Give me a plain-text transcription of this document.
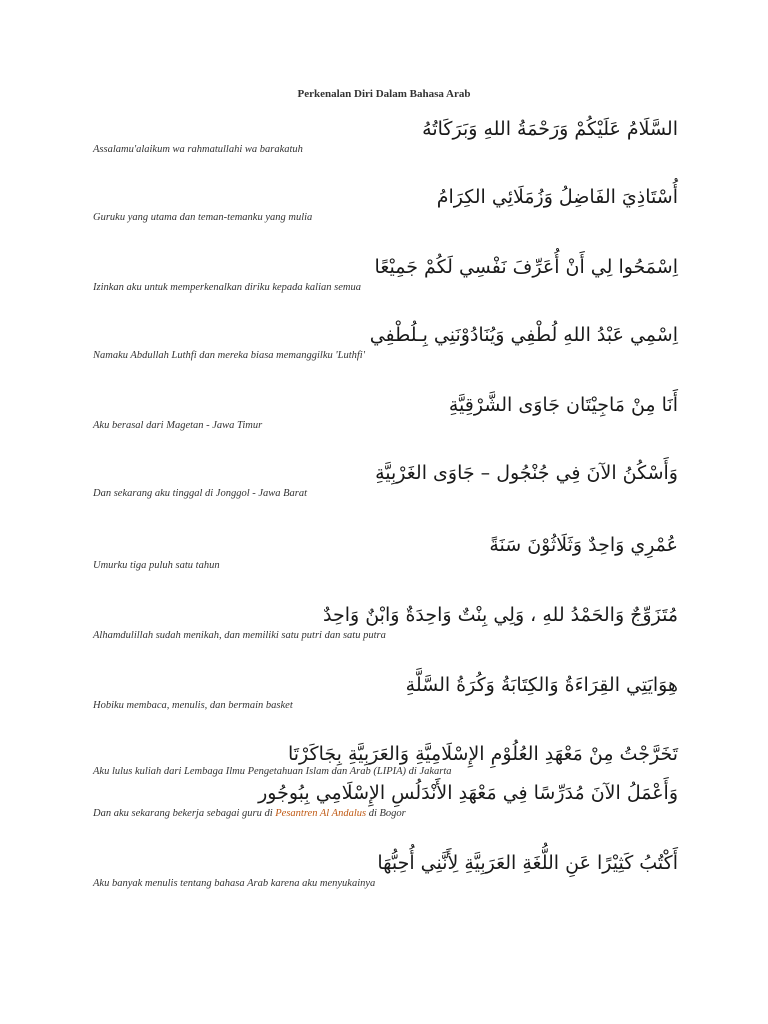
Perkenalan Diri Dalam Bahasa Arab
السَّلَامُ عَلَيْكُمْ وَرَحْمَةُ اللهِ وَبَرَكَاتُهُ
Assalamu'alaikum wa rahmatullahi wa barakatuh
أُسْتَاذِيَ الفَاضِلُ وَزُمَلَائِي الكِرَامُ
Guruku yang utama dan teman-temanku yang mulia
اِسْمَحُوا لِي أَنْ أُعَرِّفَ نَفْسِي لَكُمْ جَمِيْعًا
Izinkan aku untuk memperkenalkan diriku kepada kalian semua
اِسْمِي عَبْدُ اللهِ لُطْفِي وَيُنَادُوْنَنِي بِـلُطْفِي
Namaku Abdullah Luthfi dan mereka biasa memanggilku 'Luthfi'
أَنَا مِنْ مَاجِيْتَان جَاوَى الشَّرْقِيَّةِ
Aku berasal dari Magetan - Jawa Timur
وَأَسْكُنُ الآنَ فِي جُنْجُول – جَاوَى الغَرْبِيَّةِ
Dan sekarang aku tinggal di Jonggol - Jawa Barat
عُمْرِي وَاحِدٌ وَثَلَاثُوْنَ سَنَةً
Umurku tiga puluh satu tahun
مُتَزَوِّجٌ وَالحَمْدُ للهِ ، وَلِي بِنْتٌ وَاحِدَةٌ وَابْنٌ وَاحِدٌ
Alhamdulillah sudah menikah, dan memiliki satu putri dan satu putra
هِوَايَتِي القِرَاءَةُ وَالكِتَابَةُ وَكُرَةُ السَّلَّةِ
Hobiku membaca, menulis, dan bermain basket
تَخَرَّجْتُ مِنْ مَعْهَدِ العُلُوْمِ الإِسْلَامِيَّةِ وَالعَرَبِيَّةِ بِجَاكَرْتَا
Aku lulus kuliah dari Lembaga Ilmu Pengetahuan Islam dan Arab (LIPIA) di Jakarta
وَأَعْمَلُ الآنَ مُدَرِّسًا فِي مَعْهَدِ الأَنْدَلُسِ الإِسْلَامِي بِبُوجُور
Dan aku sekarang bekerja sebagai guru di Pesantren Al Andalus di Bogor
أَكْتُبُ كَثِيْرًا عَنِ اللُّغَةِ العَرَبِيَّةِ لِأَنَّنِي أُحِبُّهَا
Aku banyak menulis tentang bahasa Arab karena aku menyukainya
